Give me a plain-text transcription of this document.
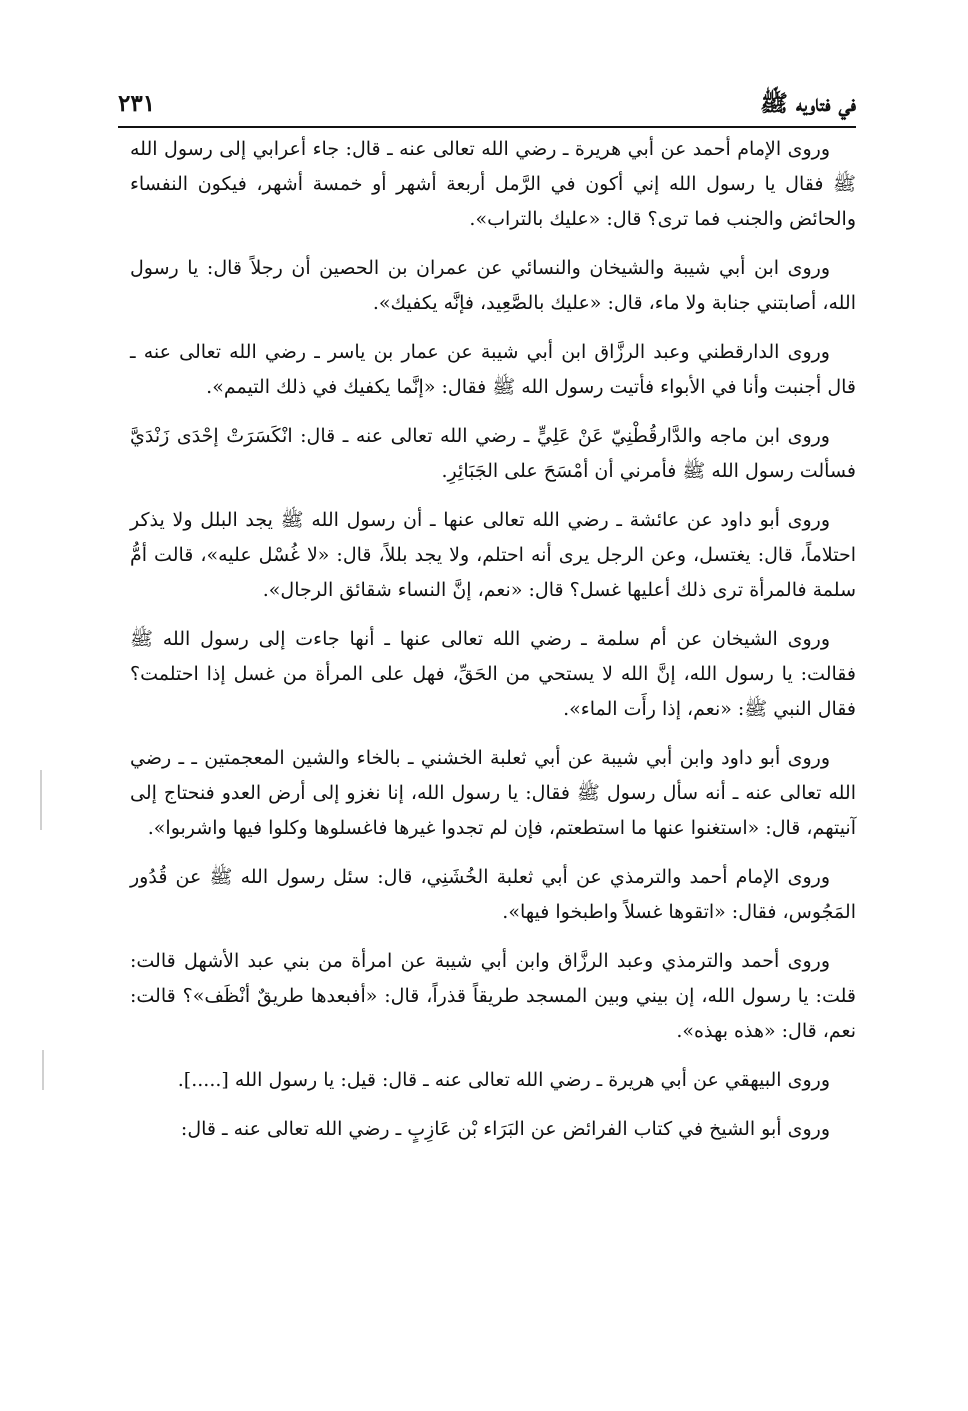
في فتاويه ﷺ
٢٣١

وروى الإمام أحمد عن أبي هريرة ـ رضي الله تعالى عنه ـ قال: جاء أعرابي إلى رسول الله ﷺ فقال يا رسول الله إني أكون في الرَّمل أربعة أشهر أو خمسة أشهر، فيكون النفساء والحائض والجنب فما ترى؟ قال: «عليك بالتراب».

وروى ابن أبي شيبة والشيخان والنسائي عن عمران بن الحصين أن رجلاً قال: يا رسول الله، أصابتني جنابة ولا ماء، قال: «عليك بالصَّعِيد، فإنَّه يكفيك».

وروى الدارقطني وعبد الرزَّاق ابن أبي شيبة عن عمار بن ياسر ـ رضي الله تعالى عنه ـ قال أجنبت وأنا في الأبواء فأتيت رسول الله ﷺ فقال: «إنَّما يكفيك في ذلك التيمم».

وروى ابن ماجه والدَّارقُطْنِيّ عَنْ عَلِيٍّ ـ رضي الله تعالى عنه ـ قال: انْكَسَرَتْ إحْدَى زَنْدَيَّ فسألت رسول الله ﷺ فأمرني أن أمْسَحَ على الجَبَائِرِ.

وروى أبو داود عن عائشة ـ رضي الله تعالى عنها ـ أن رسول الله ﷺ يجد البلل ولا يذكر احتلاماً، قال: يغتسل، وعن الرجل يرى أنه احتلم، ولا يجد بللاً، قال: «لا غُسْل عليه»، قالت أمُّ سلمة فالمرأة ترى ذلك أعليها غسل؟ قال: «نعم، إنَّ النساء شقائق الرجال».

وروى الشيخان عن أم سلمة ـ رضي الله تعالى عنها ـ أنها جاءت إلى رسول الله ﷺ فقالت: يا رسول الله، إنَّ الله لا يستحي من الحَقِّ، فهل على المرأة من غسل إذا احتلمت؟ فقال النبي ﷺ: «نعم، إذا رأَت الماء».

وروى أبو داود وابن أبي شيبة عن أبي ثعلبة الخشني ـ بالخاء والشين المعجمتين ـ ـ رضي الله تعالى عنه ـ أنه سأل رسول ﷺ فقال: يا رسول الله، إنا نغزو إلى أرض العدو فنحتاج إلى آنيتهم، قال: «استغنوا عنها ما استطعتم، فإن لم تجدوا غيرها فاغسلوها وكلوا فيها واشربوا».

وروى الإمام أحمد والترمذي عن أبي ثعلبة الخُشَنِي، قال: سئل رسول الله ﷺ عن قُدُور المَجُوس، فقال: «اتقوها غسلاً واطبخوا فيها».

وروى أحمد والترمذي وعبد الرزَّاق وابن أبي شيبة عن امرأة من بني عبد الأشهل قالت: قلت: يا رسول الله، إن بيني وبين المسجد طريقاً قذراً، قال: «أفبعدها طريقٌ أنْظَف»؟ قالت: نعم، قال: «هذه بهذه».

وروى البيهقي عن أبي هريرة ـ رضي الله تعالى عنه ـ قال: قيل: يا رسول الله [.....].

وروى أبو الشيخ في كتاب الفرائض عن البَرَاء بْن عَازِبٍ ـ رضي الله تعالى عنه ـ قال:
